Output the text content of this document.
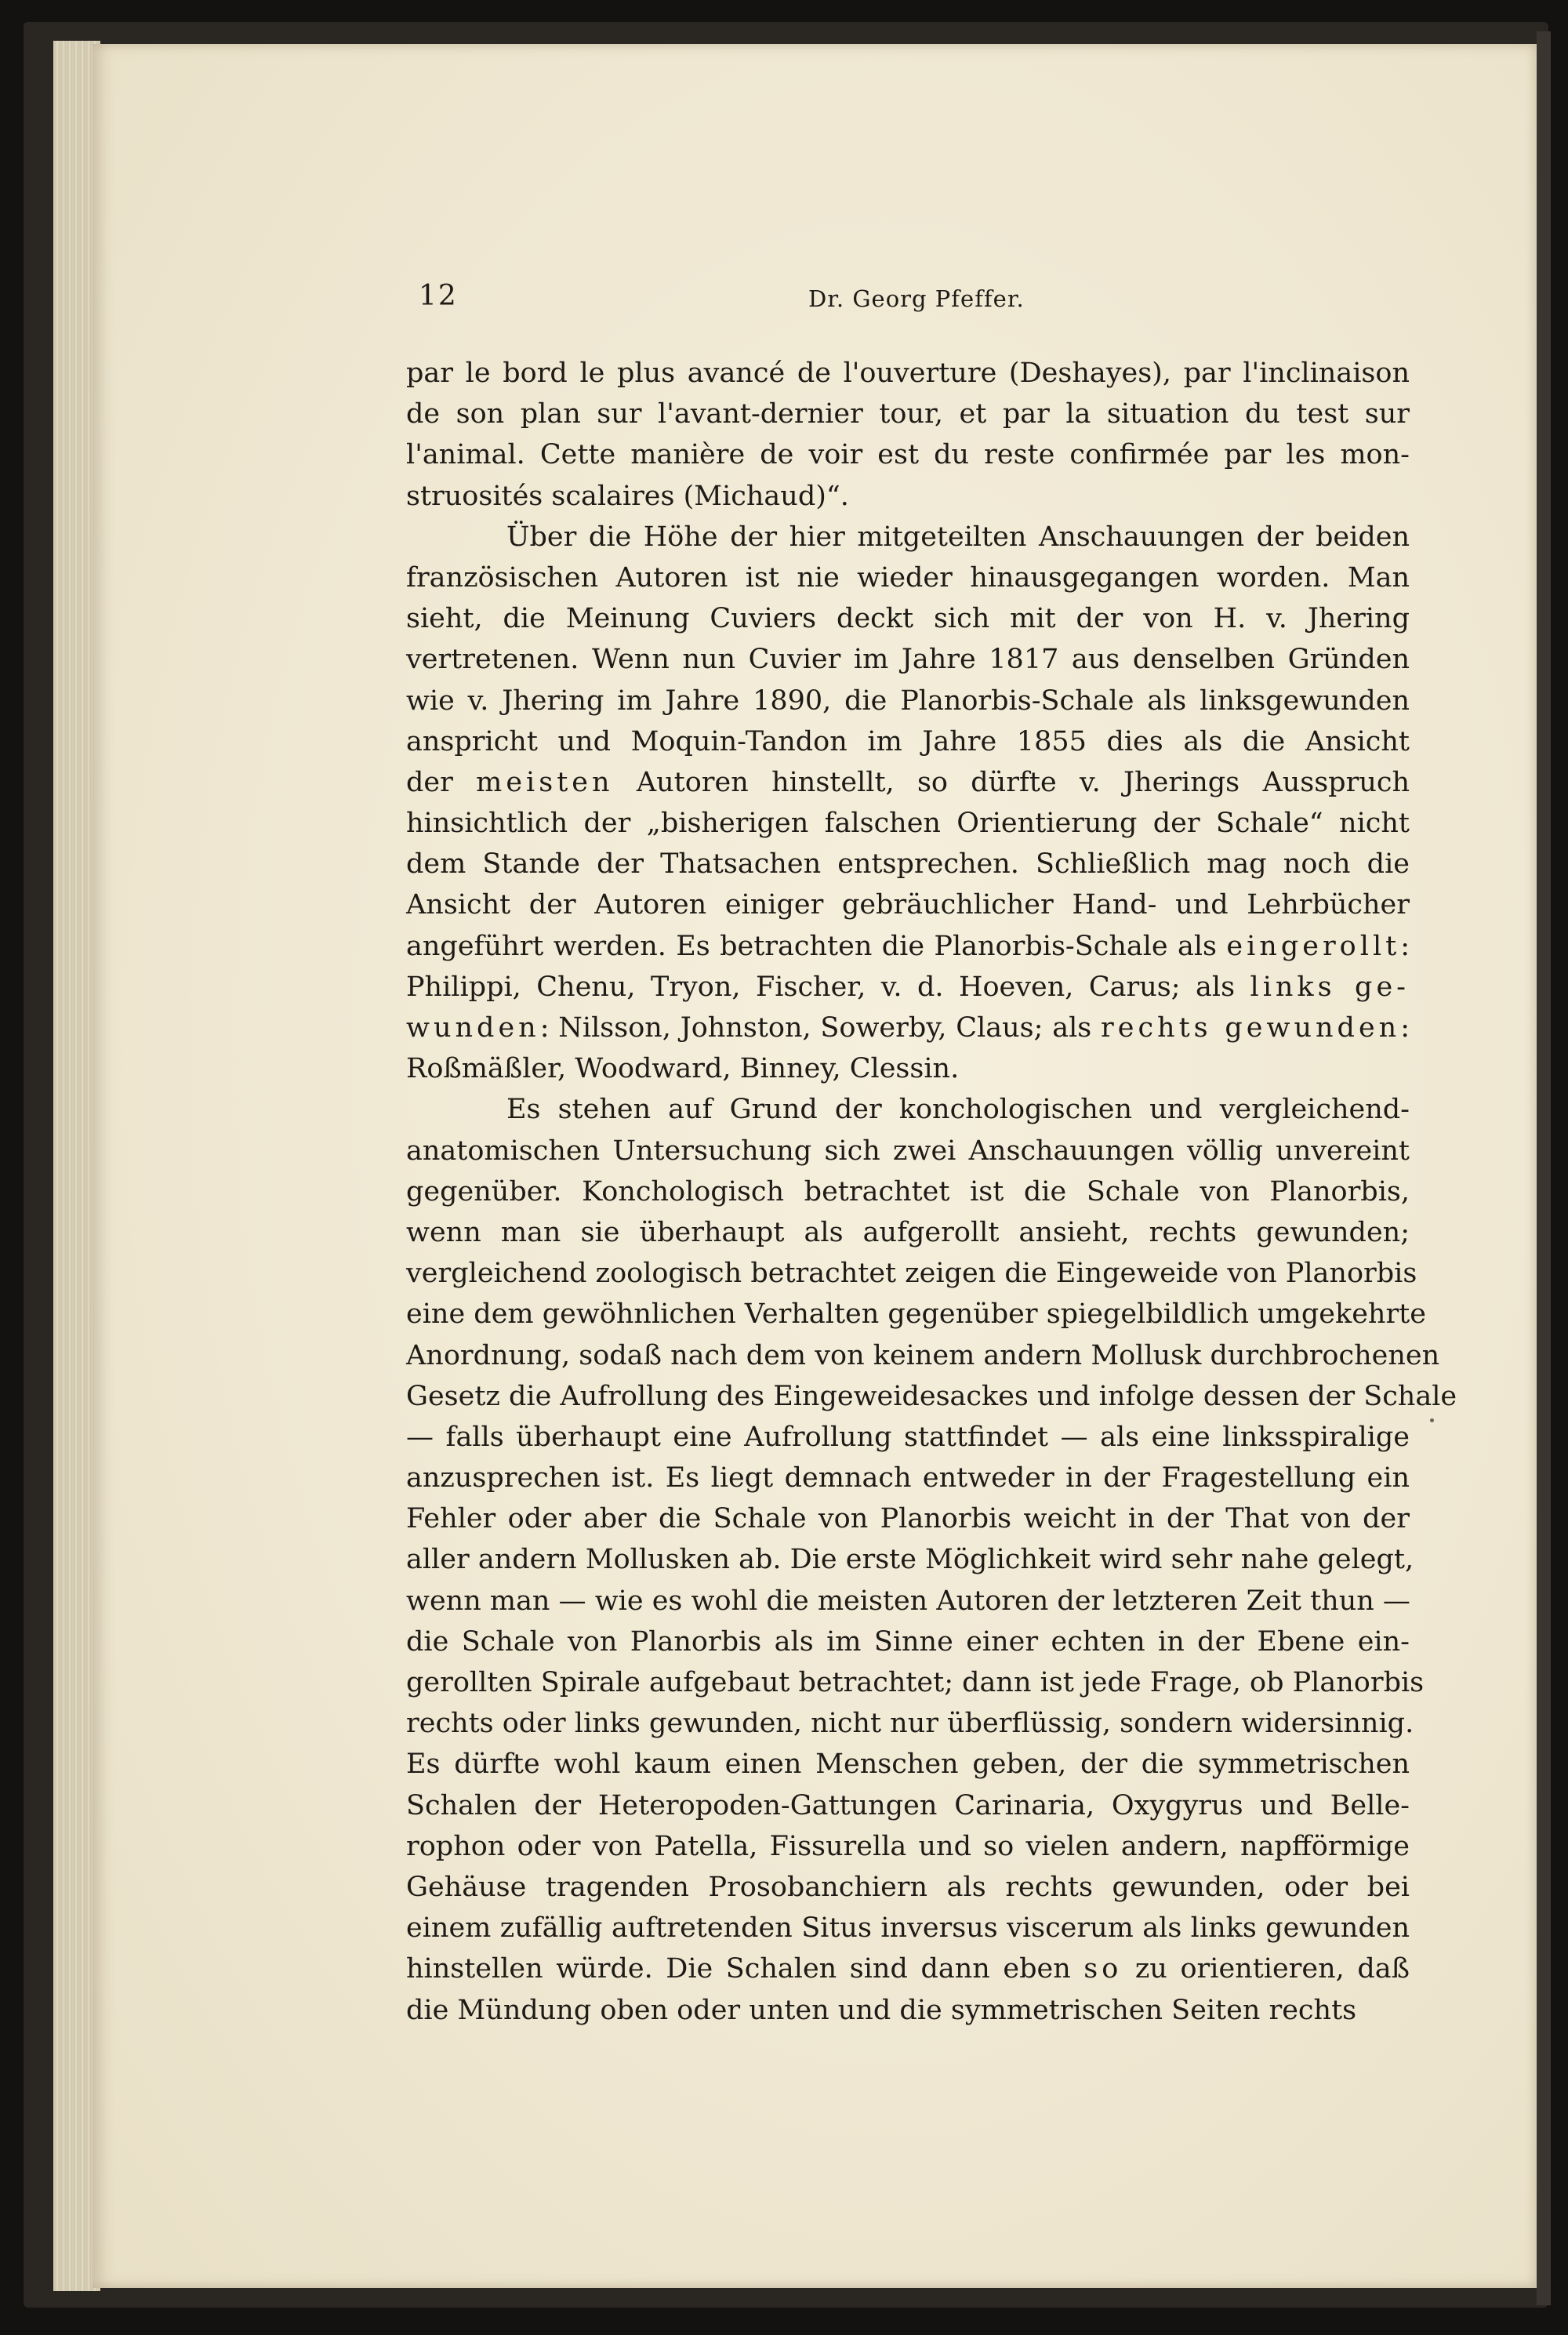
12	Dr. Georg Pfeffer.
par le bord le plus avancé de l'ouverture (Deshayes), par l'inclinaison
de son plan sur l'avant-dernier tour, et par la situation du test sur
l'animal. Cette manière de voir est du reste confirmée par les mon-
struosités scalaires (Michaud)“.
Über die Höhe der hier mitgeteilten Anschauungen der beiden
französischen Autoren ist nie wieder hinausgegangen worden. Man
sieht, die Meinung Cuviers deckt sich mit der von H. v. Jhering
vertretenen. Wenn nun Cuvier im Jahre 1817 aus denselben Gründen
wie v. Jhering im Jahre 1890, die Planorbis-Schale als linksgewunden
anspricht und Moquin-Tandon im Jahre 1855 dies als die Ansicht
der meisten Autoren hinstellt, so dürfte v. Jherings Ausspruch
hinsichtlich der „bisherigen falschen Orientierung der Schale“ nicht
dem Stande der Thatsachen entsprechen. Schließlich mag noch die
Ansicht der Autoren einiger gebräuchlicher Hand- und Lehrbücher
angeführt werden. Es betrachten die Planorbis-Schale als eingerollt:
Philippi, Chenu, Tryon, Fischer, v. d. Hoeven, Carus; als links ge-
wunden: Nilsson, Johnston, Sowerby, Claus; als rechts gewunden:
Roßmäßler, Woodward, Binney, Clessin.
Es stehen auf Grund der konchologischen und vergleichend-
anatomischen Untersuchung sich zwei Anschauungen völlig unvereint
gegenüber. Konchologisch betrachtet ist die Schale von Planorbis,
wenn man sie überhaupt als aufgerollt ansieht, rechts gewunden;
vergleichend zoologisch betrachtet zeigen die Eingeweide von Planorbis
eine dem gewöhnlichen Verhalten gegenüber spiegelbildlich umgekehrte
Anordnung, sodaß nach dem von keinem andern Mollusk durchbrochenen
Gesetz die Aufrollung des Eingeweidesackes und infolge dessen der Schale
— falls überhaupt eine Aufrollung stattfindet — als eine linksspiralige
anzusprechen ist. Es liegt demnach entweder in der Fragestellung ein
Fehler oder aber die Schale von Planorbis weicht in der That von der
aller andern Mollusken ab. Die erste Möglichkeit wird sehr nahe gelegt,
wenn man — wie es wohl die meisten Autoren der letzteren Zeit thun —
die Schale von Planorbis als im Sinne einer echten in der Ebene ein-
gerollten Spirale aufgebaut betrachtet; dann ist jede Frage, ob Planorbis
rechts oder links gewunden, nicht nur überflüssig, sondern widersinnig.
Es dürfte wohl kaum einen Menschen geben, der die symmetrischen
Schalen der Heteropoden-Gattungen Carinaria, Oxygyrus und Belle-
rophon oder von Patella, Fissurella und so vielen andern, napfförmige
Gehäuse tragenden Prosobanchiern als rechts gewunden, oder bei
einem zufällig auftretenden Situs inversus viscerum als links gewunden
hinstellen würde. Die Schalen sind dann eben so zu orientieren, daß
die Mündung oben oder unten und die symmetrischen Seiten rechts
